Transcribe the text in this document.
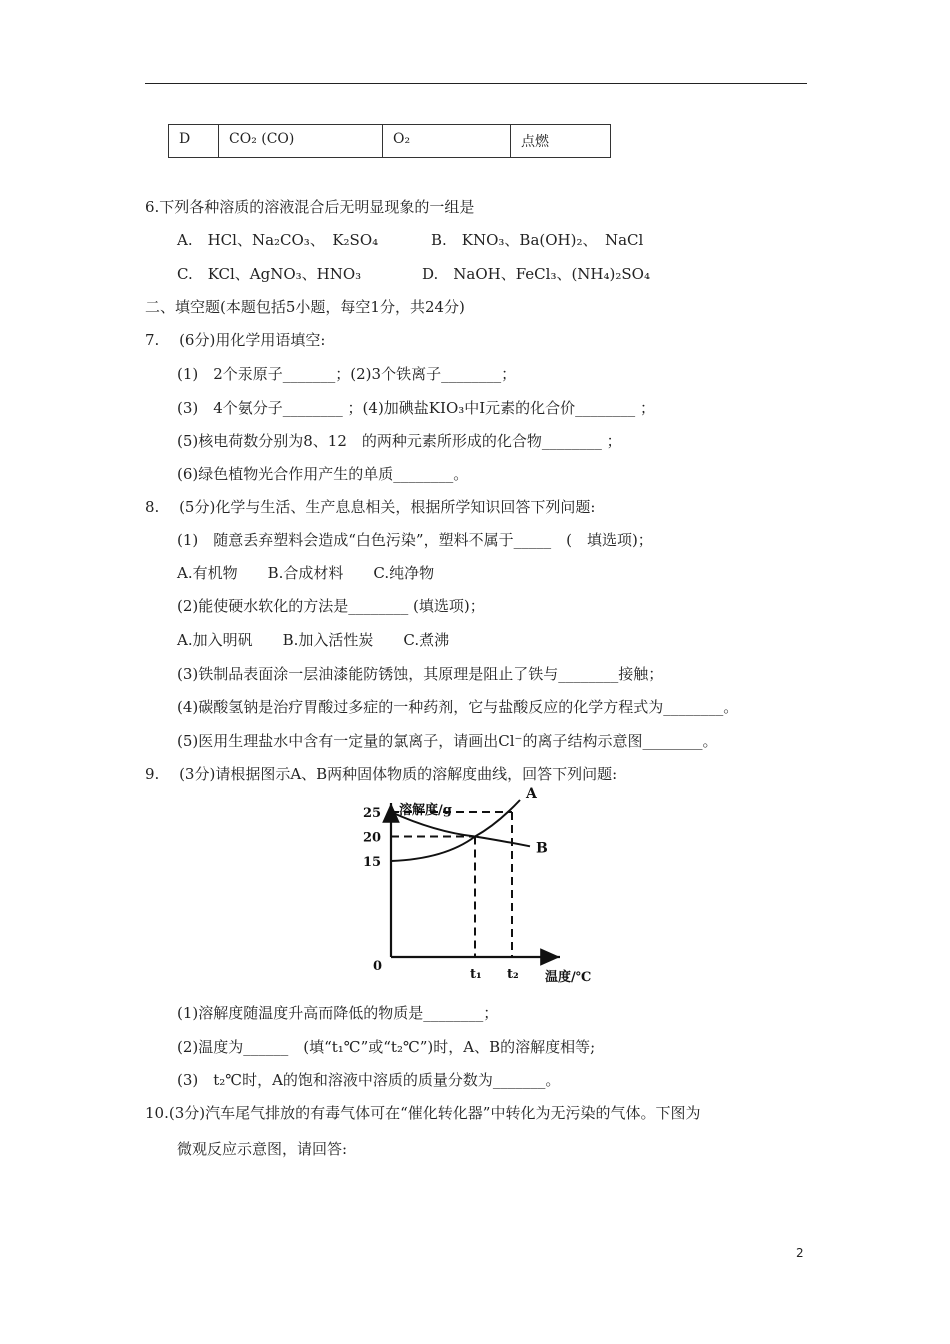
D	CO₂ (CO)	O₂	点燃
6.下列各种溶质的溶液混合后无明显现象的一组是
A.　HCl、Na₂CO₃、　K₂SO₄	B.　KNO₃、Ba(OH)₂、　NaCl
C.　KCl、AgNO₃、HNO₃	D.　NaOH、FeCl₃、(NH₄)₂SO₄
二、填空题(本题包括5小题，每空1分，共24分)
7.　 (6分)用化学用语填空:
(1)　2个汞原子_______；(2)3个铁离子________；
(3)　4个氨分子________ ；(4)加碘盐KIO₃中I元素的化合价________ ；
(5)核电荷数分别为8、12　的两种元素所形成的化合物________ ；
(6)绿色植物光合作用产生的单质________。
8.　 (5分)化学与生活、生产息息相关，根据所学知识回答下列问题:
(1)　随意丢弃塑料会造成“白色污染”，塑料不属于_____　(　填选项)；
A.有机物　　B.合成材料　　C.纯净物
(2)能使硬水软化的方法是________ (填选项)；
A.加入明矾　　B.加入活性炭　　C.煮沸
(3)铁制品表面涂一层油漆能防锈蚀，其原理是阻止了铁与________接触；
(4)碳酸氢钠是治疗胃酸过多症的一种药剂，它与盐酸反应的化学方程式为________。
(5)医用生理盐水中含有一定量的氯离子，请画出Cl⁻的离子结构示意图________。
9.　 (3分)请根据图示A、B两种固体物质的溶解度曲线，回答下列问题:
15
20
25
t₁ t₂
A
B
溶解度/g
温度/℃
0
(1)溶解度随温度升高而降低的物质是________；
(2)温度为______　(填“t₁℃”或“t₂℃”)时，A、B的溶解度相等;
(3)　t₂℃时，A的饱和溶液中溶质的质量分数为_______。
10.(3分)汽车尾气排放的有毒气体可在“催化转化器”中转化为无污染的气体。下图为
微观反应示意图，请回答:
2
